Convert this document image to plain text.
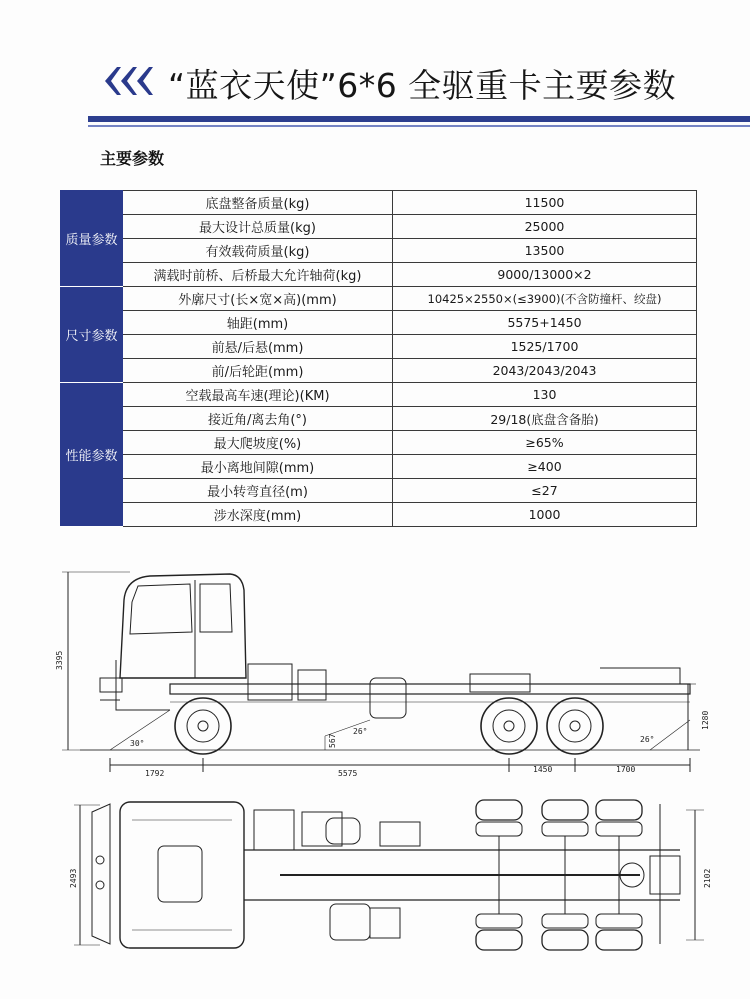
“蓝衣天使”6*6 全驱重卡主要参数
主要参数
质量参数	底盘整备质量(kg)	11500
	最大设计总质量(kg)	25000
	有效载荷质量(kg)	13500
	满载时前桥、后桥最大允许轴荷(kg)	9000/13000×2
尺寸参数	外廓尺寸(长×宽×高)(mm)	10425×2550×(≤3900)(不含防撞杆、绞盘)
	轴距(mm)	5575+1450
	前悬/后悬(mm)	1525/1700
	前/后轮距(mm)	2043/2043/2043
性能参数	空载最高车速(理论)(KM)	130
	接近角/离去角(°)	29/18(底盘含备胎)
	最大爬坡度(%)	≥65%
	最小离地间隙(mm)	≥400
	最小转弯直径(m)	≤27
	涉水深度(mm)	1000
3395
1280
30°
26°
567	26°
1792	5575	1450	1700
2493	2102
